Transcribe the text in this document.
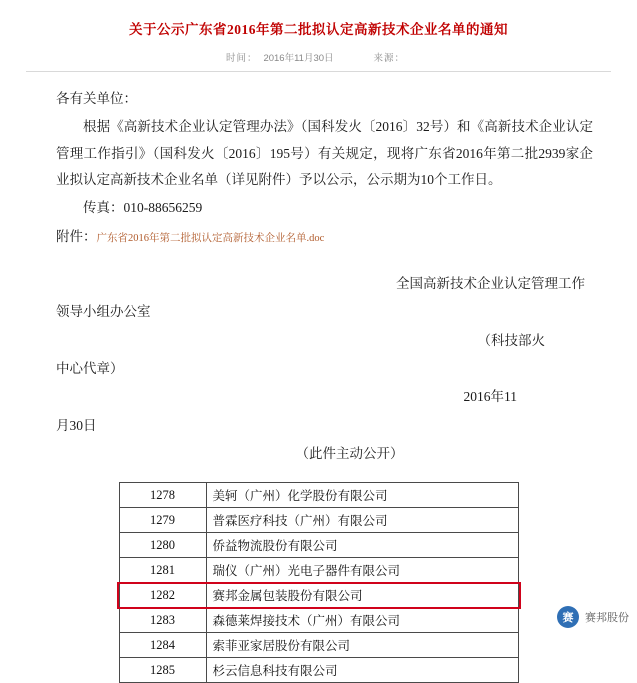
关于公示广东省2016年第二批拟认定高新技术企业名单的通知
时间： 2016年11月30日	来源：

各有关单位：

根据《高新技术企业认定管理办法》（国科发火〔2016〕32号）和《高新技术企业认定管理工作指引》（国科发火〔2016〕195号）有关规定，现将广东省2016年第二批2939家企业拟认定高新技术企业名单（详见附件）予以公示，公示期为10个工作日。

传真：010-88656259

附件：广东省2016年第二批拟认定高新技术企业名单.doc

全国高新技术企业认定管理工作
领导小组办公室
（科技部火
中心代章）
2016年11
月30日
（此件主动公开）
1278	美轲（广州）化学股份有限公司
1279	普霖医疗科技（广州）有限公司
1280	侨益物流股份有限公司
1281	瑞仪（广州）光电子器件有限公司
1282	赛邦金属包装股份有限公司
1283	森德莱焊接技术（广州）有限公司
1284	索菲亚家居股份有限公司
1285	杉云信息科技有限公司
赛	赛邦股份
